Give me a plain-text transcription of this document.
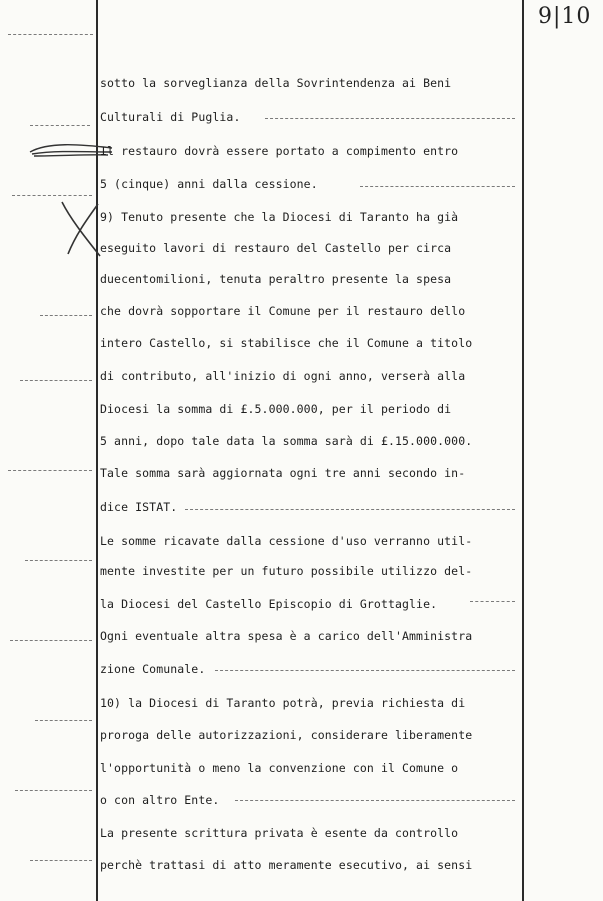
9|10
sotto la sorveglianza della Sovrintendenza ai Beni
Culturali di Puglia.
Il restauro dovrà essere portato a compimento entro
5 (cinque) anni dalla cessione.
9) Tenuto presente che la Diocesi di Taranto ha già
eseguito lavori di restauro del Castello per circa
duecentomilioni, tenuta peraltro presente la spesa
che dovrà sopportare il Comune per il restauro dello
intero Castello, si stabilisce che il Comune a titolo
di contributo, all'inizio di ogni anno, verserà alla
Diocesi la somma di £.5.000.000, per il periodo di
5 anni, dopo tale data la somma sarà di £.15.000.000.
Tale somma sarà aggiornata ogni tre anni secondo in-
dice ISTAT.
Le somme ricavate dalla cessione d'uso verranno util-
mente investite per un futuro possibile utilizzo del-
la Diocesi del Castello Episcopio di Grottaglie.
Ogni eventuale altra spesa è a carico dell'Amministra
zione Comunale.
10) la Diocesi di Taranto potrà, previa richiesta di
proroga delle autorizzazioni, considerare liberamente
l'opportunità o meno la convenzione con il Comune o
o con altro Ente.
La presente scrittura privata è esente da controllo
perchè trattasi di atto meramente esecutivo, ai sensi
